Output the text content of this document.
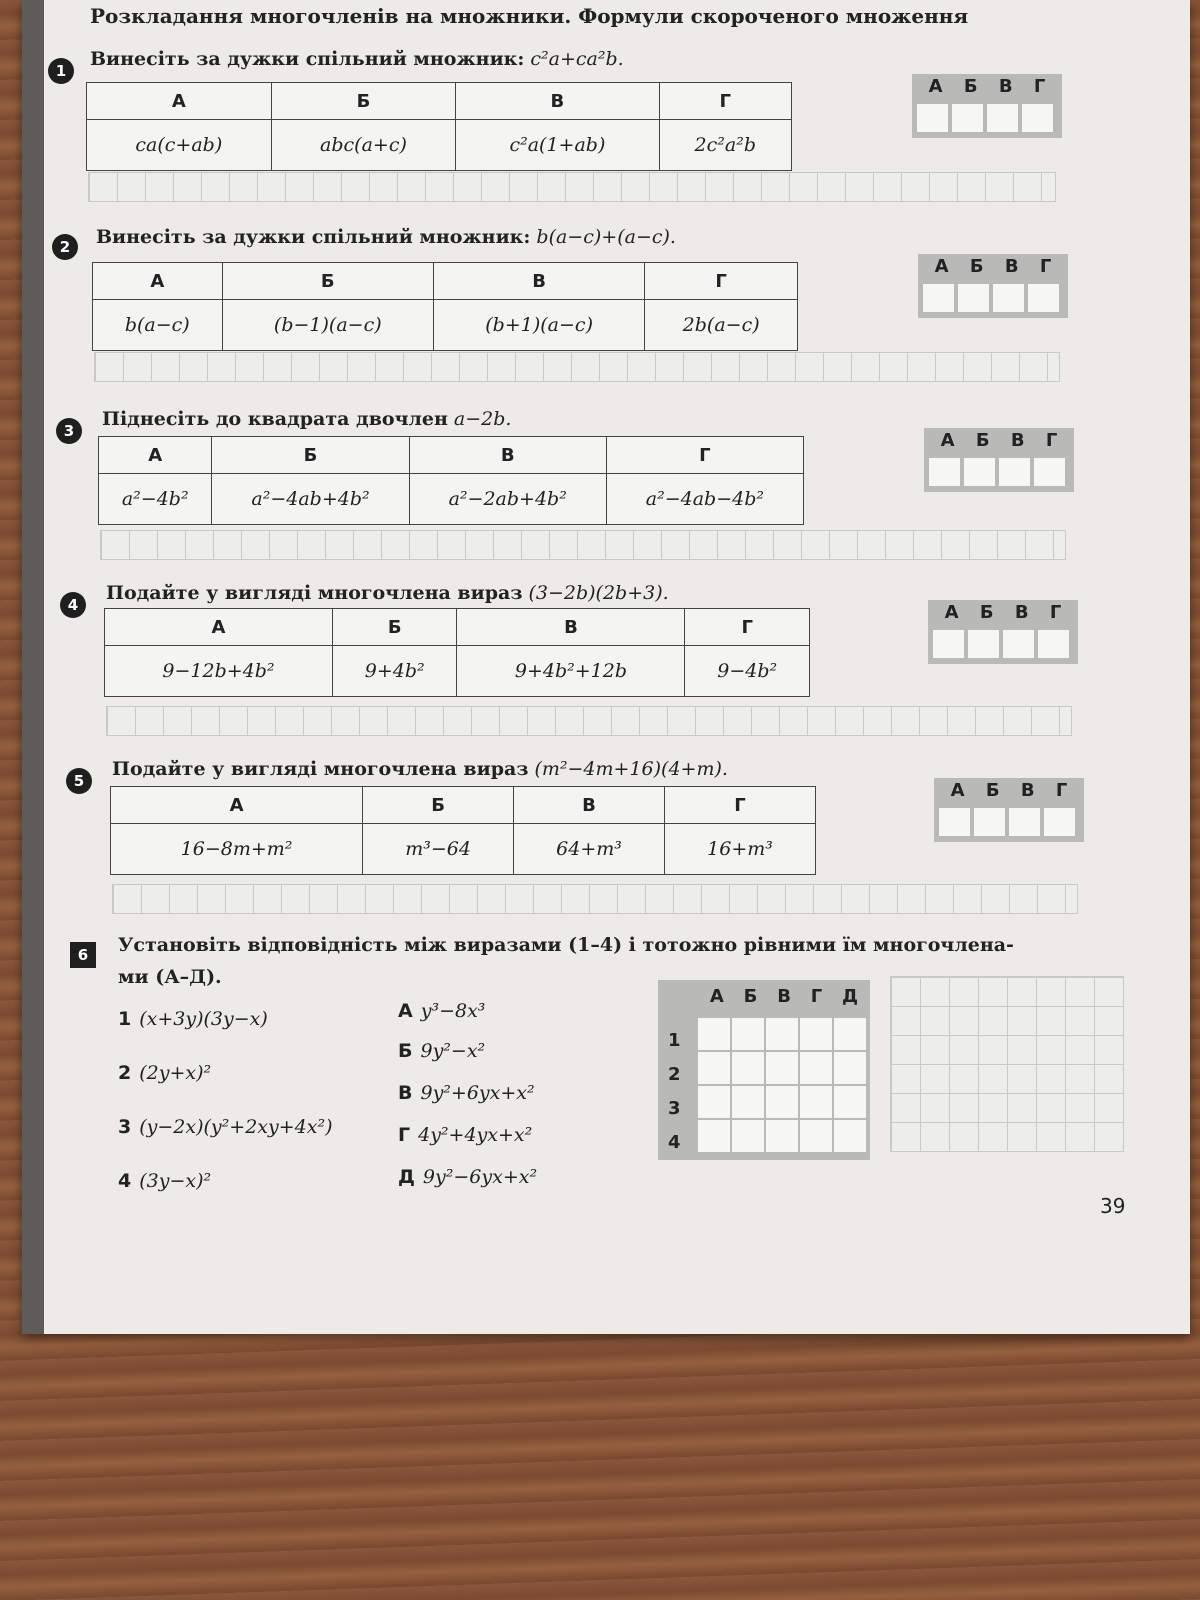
Розкладання многочленів на множники. Формули скороченого множення
1
Винесіть за дужки спільний множник: c²a+ca²b.
А	Б	В	Г
ca(c+ab)	abc(a+c)	c²a(1+ab)	2c²a²b
А Б В Г
2	Винесіть за дужки спільний множник: b(a−c)+(a−c).
А	Б	В	Г
b(a−c)	(b−1)(a−c)	(b+1)(a−c)	2b(a−c)
А Б В Г
3
Піднесіть до квадрата двочлен a−2b.
А	Б	В	Г
a²−4b²	a²−4ab+4b²	a²−2ab+4b²	a²−4ab−4b²
А Б В Г
4
Подайте у вигляді многочлена вираз (3−2b)(2b+3).
А	Б	В	Г
9−12b+4b²	9+4b²	9+4b²+12b	9−4b²
А Б В Г
5
Подайте у вигляді многочлена вираз (m²−4m+16)(4+m).
А	Б	В	Г
16−8m+m²	m³−64	64+m³	16+m³
А Б В Г
6	Установіть відповідність між виразами (1–4) і тотожно рівними їм многочлена-
ми (А–Д).
1 (x+3y)(3y−x)
2 (2y+x)²
3 (y−2x)(y²+2xy+4x²)
4 (3y−x)²
А y³−8x³
Б 9y²−x²
В 9y²+6yx+x²
Г 4y²+4yx+x²
Д 9y²−6yx+x²
А Б В Г Д
1
2
3
4
39
